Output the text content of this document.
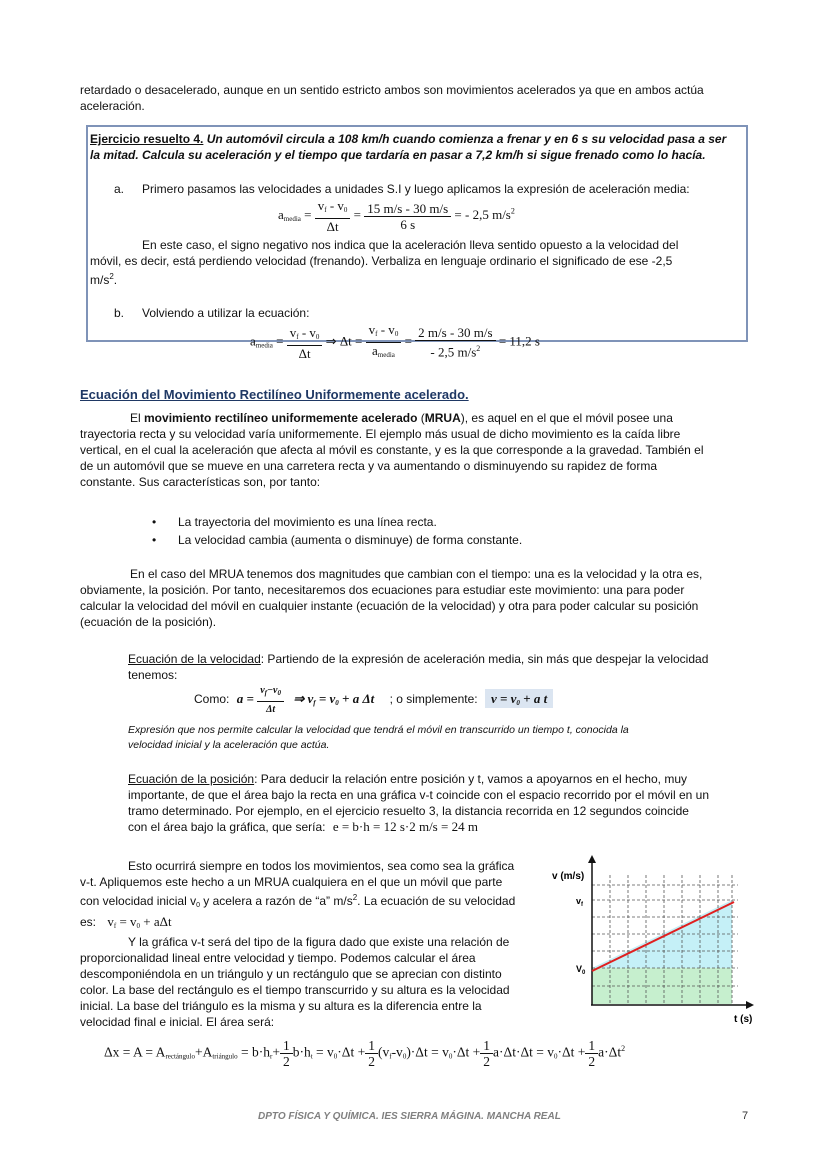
retardado o desacelerado, aunque en un sentido estricto ambos son movimientos acelerados ya que en ambos actúa
aceleración.
Ejercicio resuelto 4. Un automóvil circula a 108 km/h cuando comienza a frenar y en 6 s su velocidad pasa a ser
la mitad. Calcula su aceleración y el tiempo que tardaría en pasar a 7,2 km/h si sigue frenado como lo hacía.
a. Primero pasamos las velocidades a unidades S.I y luego aplicamos la expresión de aceleración media:
$a_{media} = \frac{v_f - v_0}{\Delta t} = \frac{15 m/s - 30 m/s}{6 s}$ = - 2,5 $m/s^2$
En este caso, el signo negativo nos indica que la aceleración lleva sentido opuesto a la velocidad del
móvil, es decir, está perdiendo velocidad (frenando). Verbaliza en lenguaje ordinario el significado de ese -2,5
$m/s^2$.
b. Volviendo a utilizar la ecuación:
$a_{media} = \frac{v_f - v_0}{\Delta t}$ ⇒ $\Delta t = \frac{v_f - v_0}{a_{media}} = \frac{2 m/s - 30 m/s}{- 2,5 m/s^2} = 11,2$ s
Ecuación del Movimiento Rectilíneo Uniformemente acelerado.
El movimiento rectilíneo uniformemente acelerado (MRUA), es aquel en el que el móvil posee una
trayectoria recta y su velocidad varía uniformemente. El ejemplo más usual de dicho movimiento es la caída libre
vertical, en el cual la aceleración que afecta al móvil es constante, y es la que corresponde a la gravedad. También el
de un automóvil que se mueve en una carretera recta y va aumentando o disminuyendo su rapidez de forma
constante. Sus características son, por tanto:
• La trayectoria del movimiento es una línea recta.
• La velocidad cambia (aumenta o disminuye) de forma constante.
En el caso del MRUA tenemos dos magnitudes que cambian con el tiempo: una es la velocidad y la otra es,
obviamente, la posición. Por tanto, necesitaremos dos ecuaciones para estudiar este movimiento: una para poder
calcular la velocidad del móvil en cualquier instante (ecuación de la velocidad) y otra para poder calcular su posición
(ecuación de la posición).
Ecuación de la velocidad: Partiendo de la expresión de aceleración media, sin más que despejar la velocidad
tenemos:
Como: $a = \frac{v_f-v_0}{\Delta t}$ ⇒ $v_f = v_0 + a$ Δt ; o simplemente: $v = v_0 + a$ t
Expresión que nos permite calcular la velocidad que tendrá el móvil en transcurrido un tiempo t, conocida la
velocidad inicial y la aceleración que actúa.
Ecuación de la posición: Para deducir la relación entre posición y t, vamos a apoyarnos en el hecho, muy
importante, de que el área bajo la recta en una gráfica v-t coincide con el espacio recorrido por el móvil en un
tramo determinado. Por ejemplo, en el ejercicio resuelto 3, la distancia recorrida en 12 segundos coincide
con el área bajo la gráfica, que sería: e = b·h = 12 s·2 m/s = 24 m
Esto ocurrirá siempre en todos los movimientos, sea como sea la gráfica
v-t. Apliquemos este hecho a un MRUA cualquiera en el que un móvil que parte
con velocidad inicial $v_0$ y acelera a razón de “a” $m/s^2$. La ecuación de su velocidad
es: $v_f = v_0 + a\Delta t$
Y la gráfica v-t será del tipo de la figura dado que existe una relación de
proporcionalidad lineal entre velocidad y tiempo. Podemos calcular el área
descomponiéndola en un triángulo y un rectángulo que se aprecian con distinto
color. La base del rectángulo es el tiempo transcurrido y su altura es la velocidad
inicial. La base del triángulo es la misma y su altura es la diferencia entre la
velocidad final e inicial. El área será:
v (m/s)
t (s)
$v_f$
$V_0$
$\Delta x = A = A_{rectángulo}+A_{triángulo} = b\cdot h_r+ \frac{1}{2} b\cdot h_t = v_0\cdot\Delta t + \frac{1}{2} (v_f-v_0)\cdot\Delta t = v_0\cdot\Delta t + \frac{1}{2} a\cdot\Delta t\cdot\Delta t = v_0\cdot\Delta t + \frac{1}{2} a\cdot\Delta t^2$
DPTO FÍSICA Y QUÍMICA. IES SIERRA MÁGINA. MANCHA REAL	7
